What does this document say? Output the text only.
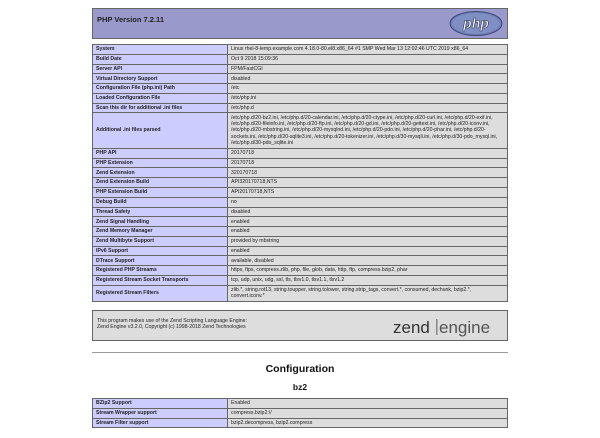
PHP Version 7.2.11	php
System	Linux rhel-8-lemp.example.com 4.18.0-80.el8.x86_64 #1 SMP Wed Mar 13 12:02:46 UTC 2019 x86_64
Build Date	Oct 9 2018 15:09:36
Server API	FPM/FastCGI
Virtual Directory Support	disabled
Configuration File (php.ini) Path	/etc
Loaded Configuration File	/etc/php.ini
Scan this dir for additional .ini files	/etc/php.d
Additional .ini files parsed	/etc/php.d/20-bz2.ini, /etc/php.d/20-calendar.ini, /etc/php.d/20-ctype.ini, /etc/php.d/20-curl.ini, /etc/php.d/20-exif.ini, /etc/php.d/20-fileinfo.ini, /etc/php.d/20-ftp.ini, /etc/php.d/20-gd.ini, /etc/php.d/20-gettext.ini, /etc/php.d/20-iconv.ini, /etc/php.d/20-mbstring.ini, /etc/php.d/20-mysqlnd.ini, /etc/php.d/20-pdo.ini, /etc/php.d/20-phar.ini, /etc/php.d/20-sockets.ini, /etc/php.d/20-sqlite3.ini, /etc/php.d/20-tokenizer.ini, /etc/php.d/30-mysqli.ini, /etc/php.d/30-pdo_mysql.ini, /etc/php.d/30-pdo_sqlite.ini
PHP API	20170718
PHP Extension	20170718
Zend Extension	320170718
Zend Extension Build	API320170718,NTS
PHP Extension Build	API20170718,NTS
Debug Build	no
Thread Safety	disabled
Zend Signal Handling	enabled
Zend Memory Manager	enabled
Zend Multibyte Support	provided by mbstring
IPv6 Support	enabled
DTrace Support	available, disabled
Registered PHP Streams	https, ftps, compress.zlib, php, file, glob, data, http, ftp, compress.bzip2, phar
Registered Stream Socket Transports	tcp, udp, unix, udg, ssl, tls, tlsv1.0, tlsv1.1, tlsv1.2
Registered Stream Filters	zlib.*, string.rot13, string.toupper, string.tolower, string.strip_tags, convert.*, consumed, dechunk, bzip2.*, convert.iconv.*
This program makes use of the Zend Scripting Language Engine:
Zend Engine v3.2.0, Copyright (c) 1998-2018 Zend Technologies	zend engine
Configuration
bz2
BZip2 Support	Enabled
Stream Wrapper support	compress.bzip2://
Stream Filter support	bzip2.decompress, bzip2.compress
